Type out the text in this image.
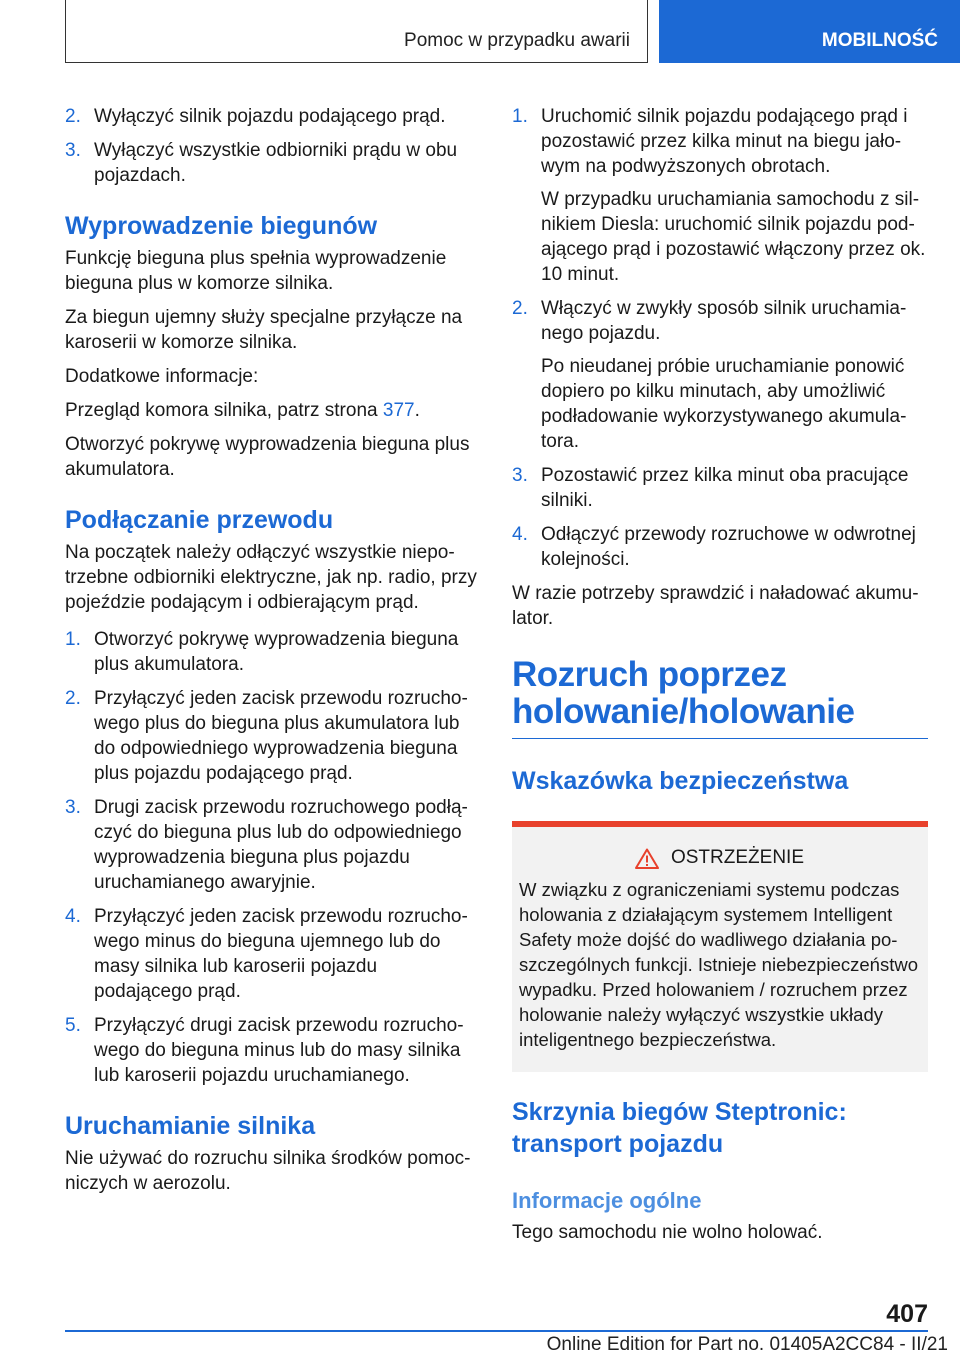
Pomoc w przypadku awarii	MOBILNOŚĆ
2. Wyłączyć silnik pojazdu podającego prąd.
3. Wyłączyć wszystkie odbiorniki prądu w obu pojazdach.
Wyprowadzenie biegunów

Funkcję bieguna plus spełnia wyprowadzenie bieguna plus w komorze silnika.

Za biegun ujemny służy specjalne przyłącze na karoserii w komorze silnika.

Dodatkowe informacje:

Przegląd komora silnika, patrz strona 377.

Otworzyć pokrywę wyprowadzenia bieguna plus akumulatora.

Podłączanie przewodu

Na początek należy odłączyć wszystkie niepotrzebne odbiorniki elektryczne, jak np. radio, przy pojeździe podającym i odbierającym prąd.

1. Otworzyć pokrywę wyprowadzenia bieguna plus akumulatora.
2. Przyłączyć jeden zacisk przewodu rozruchowego plus do bieguna plus akumulatora lub do odpowiedniego wyprowadzenia bieguna plus pojazdu podającego prąd.
3. Drugi zacisk przewodu rozruchowego podłączyć do bieguna plus lub do odpowiedniego wyprowadzenia bieguna plus pojazdu uruchamianego awaryjnie.
4. Przyłączyć jeden zacisk przewodu rozruchowego minus do bieguna ujemnego lub do masy silnika lub karoserii pojazdu podającego prąd.
5. Przyłączyć drugi zacisk przewodu rozruchowego do bieguna minus lub do masy silnika lub karoserii pojazdu uruchamianego.
Uruchamianie silnika

Nie używać do rozruchu silnika środków pomocniczych w aerozolu.

1. Uruchomić silnik pojazdu podającego prąd i pozostawić przez kilka minut na biegu jałowym na podwyższonych obrotach.
W przypadku uruchamiania samochodu z silnikiem Diesla: uruchomić silnik pojazdu podającego prąd i pozostawić włączony przez ok. 10 minut.
2. Włączyć w zwykły sposób silnik uruchamianego pojazdu.
Po nieudanej próbie uruchamianie ponowić dopiero po kilku minutach, aby umożliwić podładowanie wykorzystywanego akumulatora.
3. Pozostawić przez kilka minut oba pracujące silniki.
4. Odłączyć przewody rozruchowe w odwrotnej kolejności.

W razie potrzeby sprawdzić i naładować akumulator.

Rozruch poprzez holowanie/holowanie
Wskazówka bezpieczeństwa
OSTRZEŻENIE

W związku z ograniczeniami systemu podczas holowania z działającym systemem Intelligent Safety może dojść do wadliwego działania poszczególnych funkcji. Istnieje niebezpieczeństwo wypadku. Przed holowaniem / rozruchem przez holowanie należy wyłączyć wszystkie układy inteligentnego bezpieczeństwa.

Skrzynia biegów Steptronic: transport pojazdu
Informacje ogólne

Tego samochodu nie wolno holować.

407
Online Edition for Part no. 01405A2CC84 - II/21
